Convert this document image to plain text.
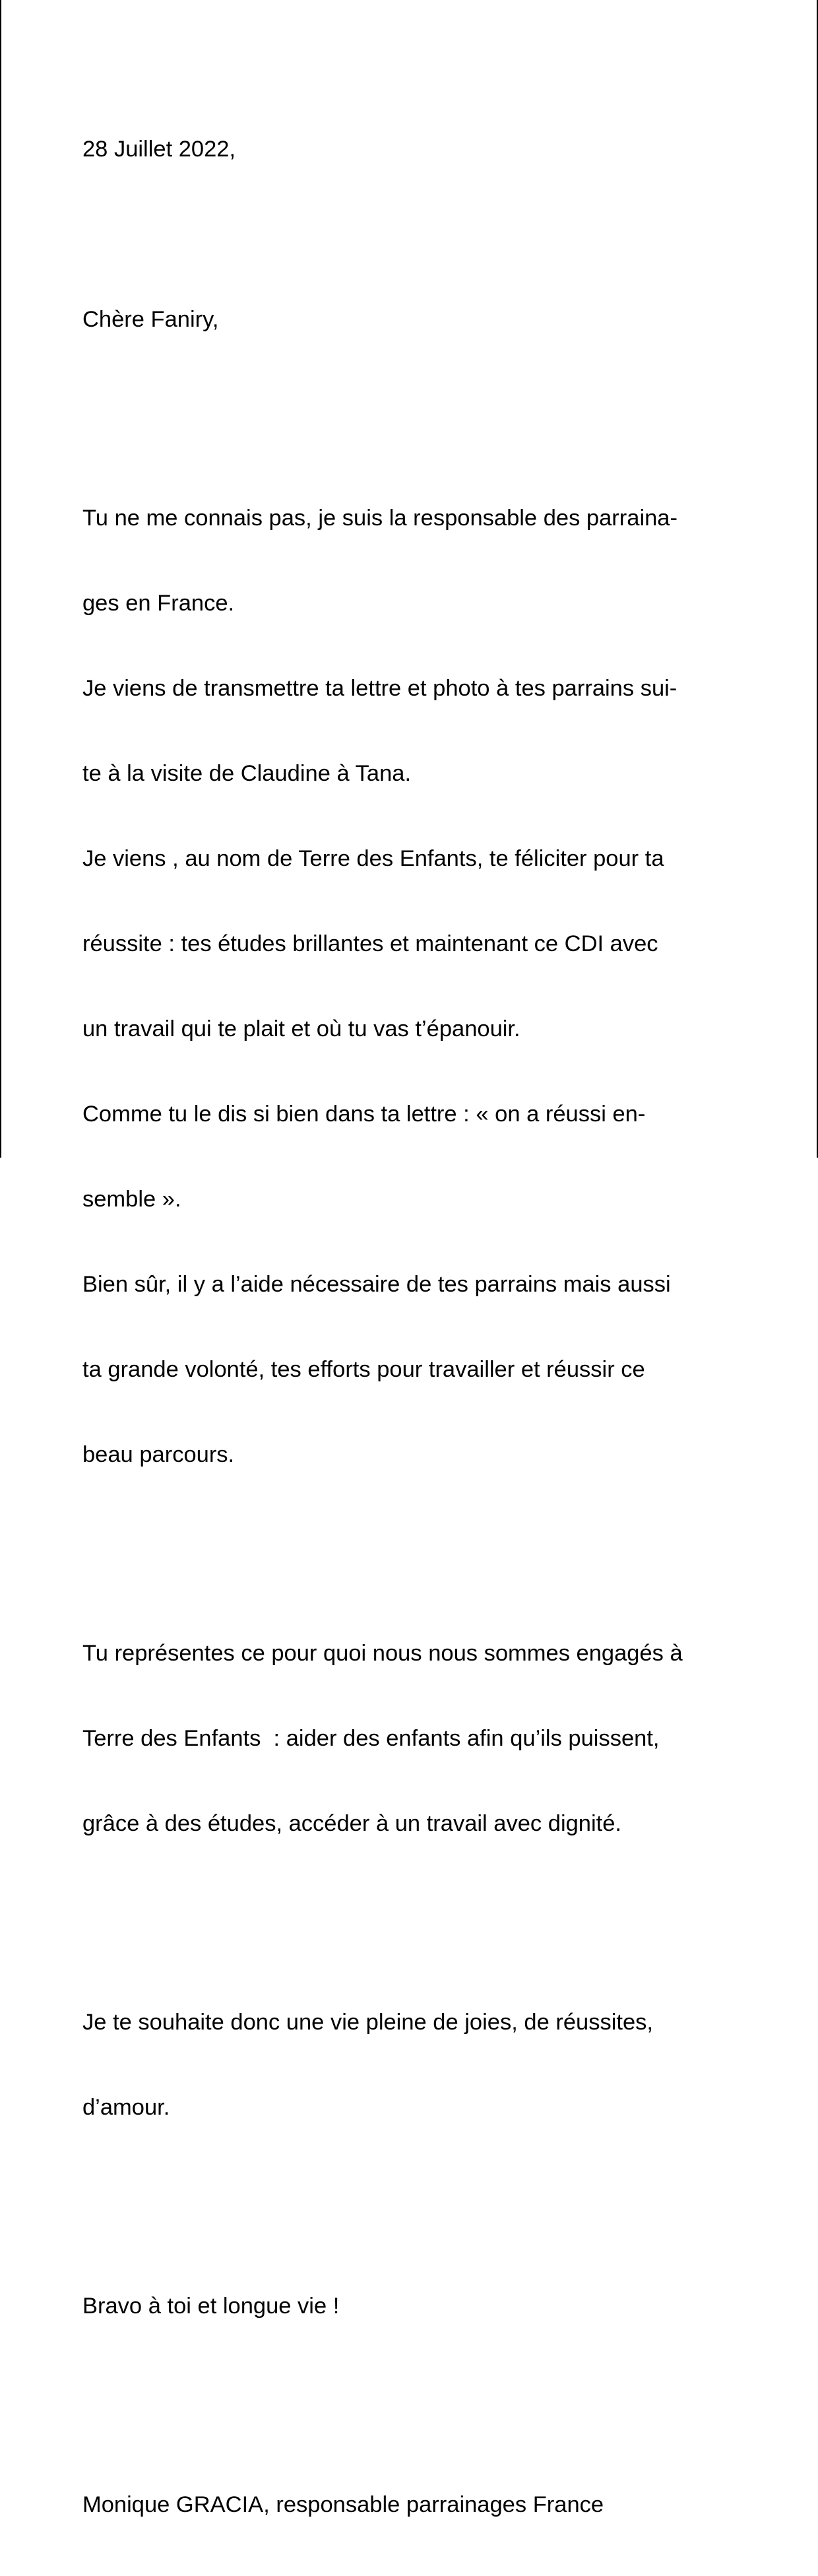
28 Juillet 2022,

Chère Faniry,

Tu ne me connais pas, je suis la responsable des parraina-

ges en France.

Je viens de transmettre ta lettre et photo à tes parrains sui-

te à la visite de Claudine à Tana.

Je viens , au nom de Terre des Enfants, te féliciter pour ta

réussite : tes études brillantes et maintenant ce CDI avec

un travail qui te plait et où tu vas t’épanouir.

Comme tu le dis si bien dans ta lettre : « on a réussi en-

semble ».

Bien sûr, il y a l’aide nécessaire de tes parrains mais aussi

ta grande volonté, tes efforts pour travailler et réussir ce

beau parcours.

Tu représentes ce pour quoi nous nous sommes engagés à

Terre des Enfants  : aider des enfants afin qu’ils puissent,

grâce à des études, accéder à un travail avec dignité.

Je te souhaite donc une vie pleine de joies, de réussites,

d’amour.

Bravo à toi et longue vie !

Monique GRACIA, responsable parrainages France
